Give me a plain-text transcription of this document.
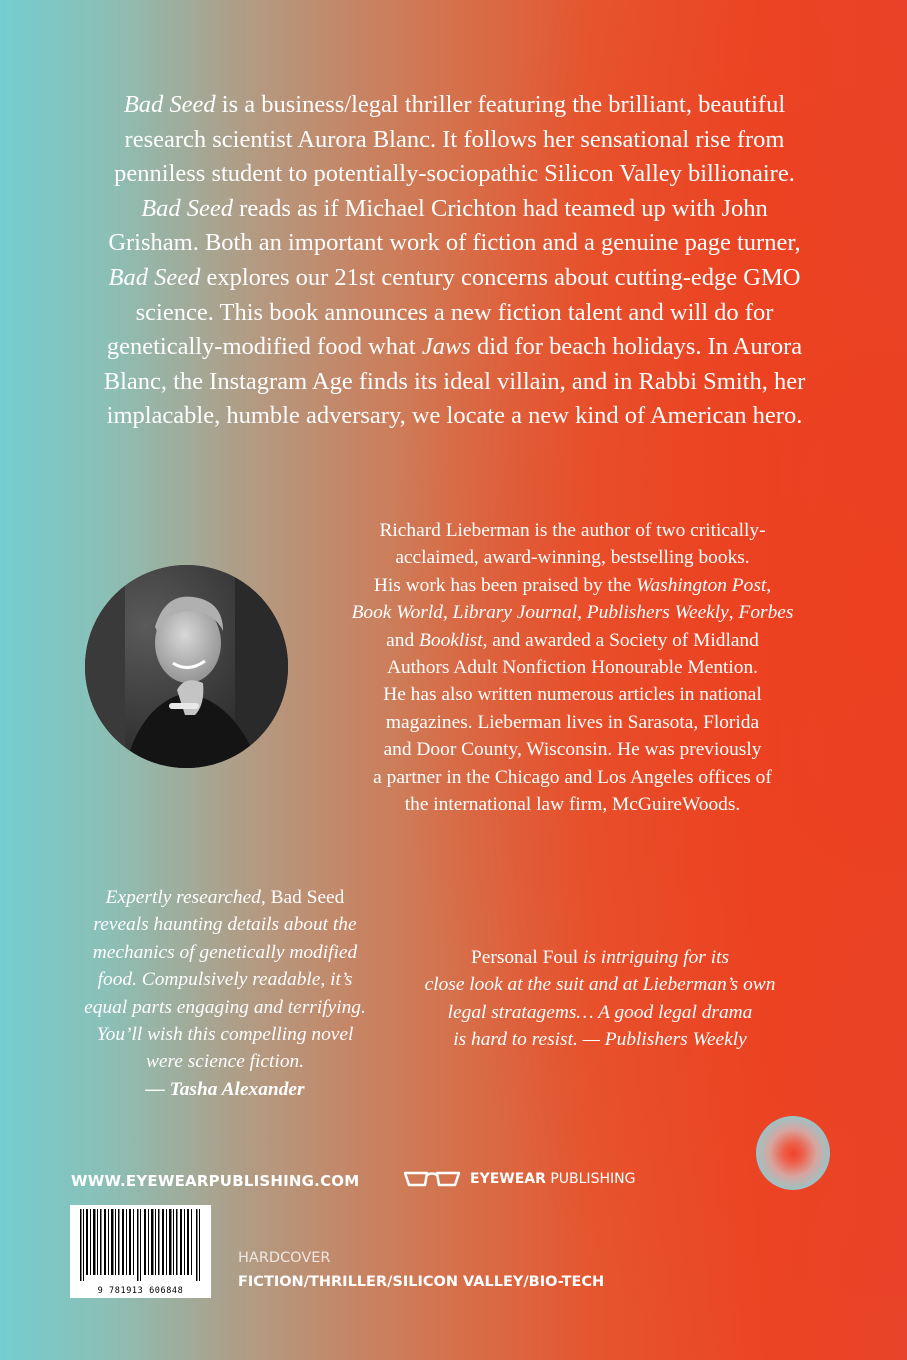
Bad Seed is a business/legal thriller featuring the brilliant, beautiful
research scientist Aurora Blanc. It follows her sensational rise from
penniless student to potentially-sociopathic Silicon Valley billionaire.
Bad Seed reads as if Michael Crichton had teamed up with John
Grisham. Both an important work of fiction and a genuine page turner,
Bad Seed explores our 21st century concerns about cutting-edge GMO
science. This book announces a new fiction talent and will do for
genetically-modified food what Jaws did for beach holidays. In Aurora
Blanc, the Instagram Age finds its ideal villain, and in Rabbi Smith, her
implacable, humble adversary, we locate a new kind of American hero.
Richard Lieberman is the author of two critically-
acclaimed, award-winning, bestselling books.
His work has been praised by the Washington Post,
Book World, Library Journal, Publishers Weekly, Forbes
and Booklist, and awarded a Society of Midland
Authors Adult Nonfiction Honourable Mention.
He has also written numerous articles in national
magazines. Lieberman lives in Sarasota, Florida
and Door County, Wisconsin. He was previously
a partner in the Chicago and Los Angeles offices of
the international law firm, McGuireWoods.
Expertly researched, Bad Seed
reveals haunting details about the
mechanics of genetically modified
food. Compulsively readable, it’s
equal parts engaging and terrifying.
You’ll wish this compelling novel
were science fiction.
— Tasha Alexander
Personal Foul is intriguing for its
close look at the suit and at Lieberman’s own
legal stratagems… A good legal drama
is hard to resist. — Publishers Weekly
WWW.EYEWEARPUBLISHING.COM	EYEWEAR PUBLISHING
9 781913 606848
HARDCOVER
FICTION/THRILLER/SILICON VALLEY/BIO-TECH
